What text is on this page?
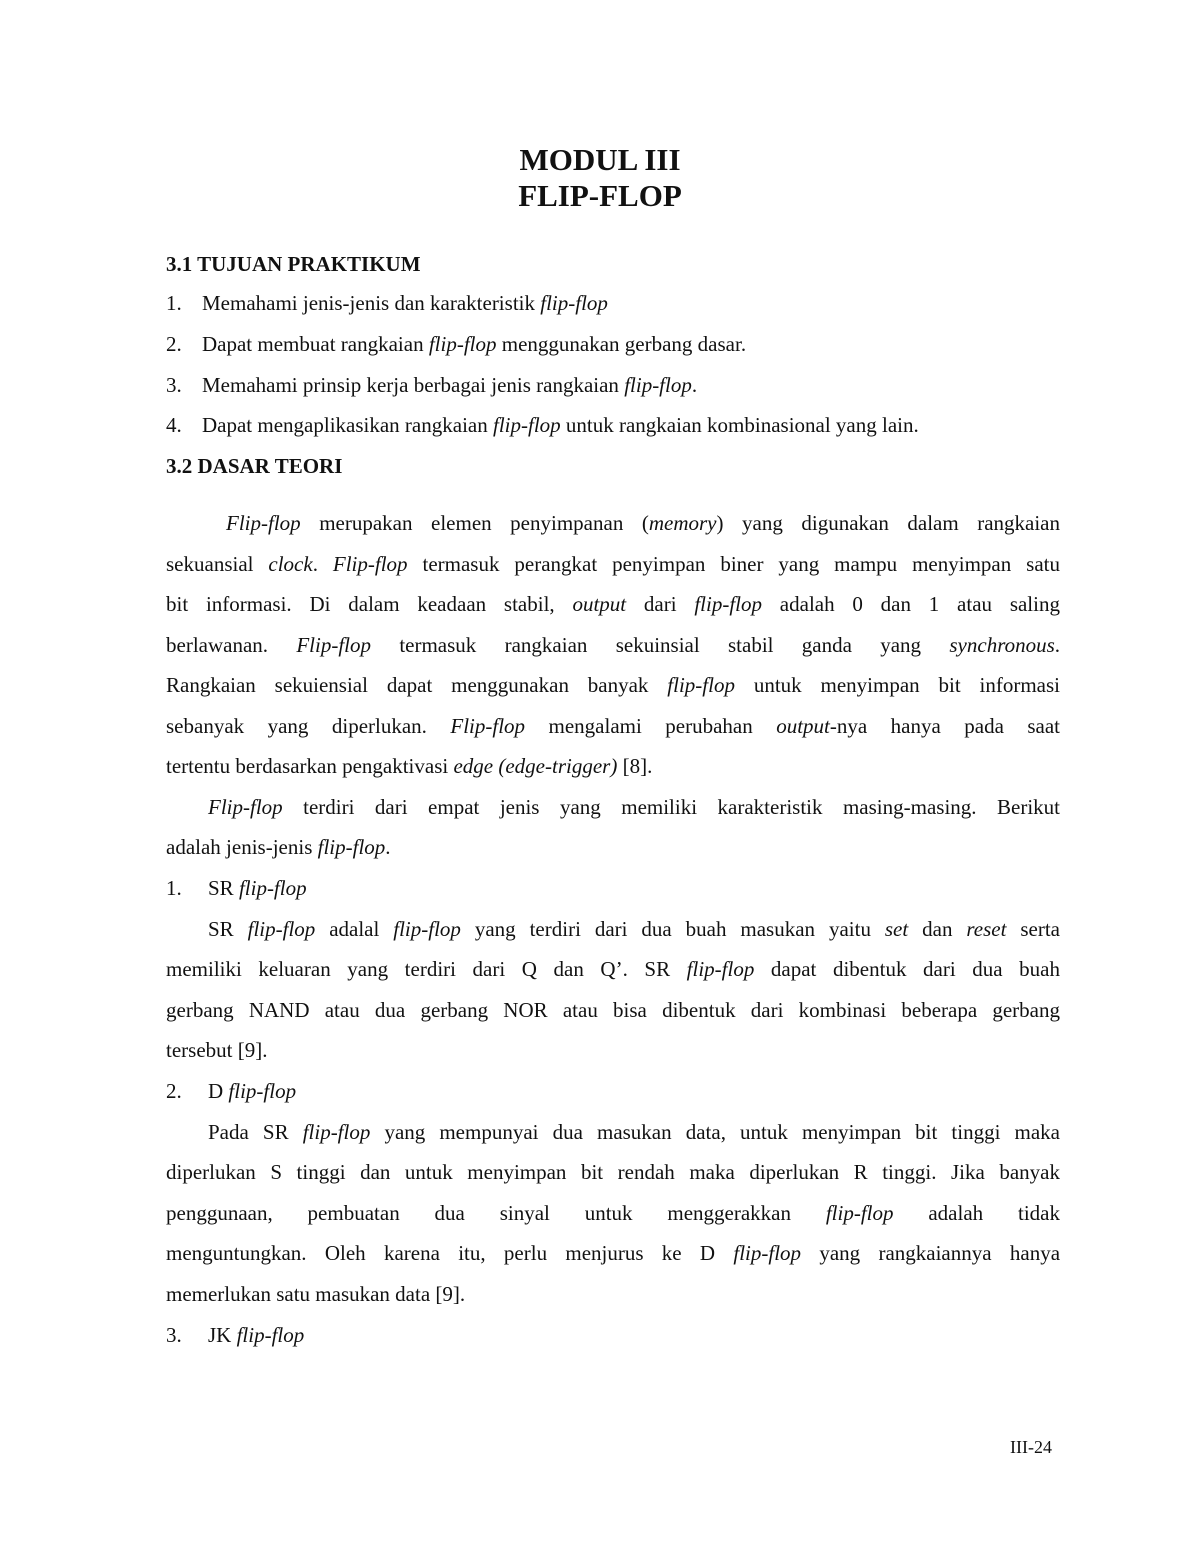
MODUL III
FLIP-FLOP
3.1 TUJUAN PRAKTIKUM
1. Memahami jenis-jenis dan karakteristik flip-flop
2. Dapat membuat rangkaian flip-flop menggunakan gerbang dasar.
3. Memahami prinsip kerja berbagai jenis rangkaian flip-flop.
4. Dapat mengaplikasikan rangkaian flip-flop untuk rangkaian kombinasional yang lain.
3.2 DASAR TEORI
Flip-flop merupakan elemen penyimpanan (memory) yang digunakan dalam rangkaian
sekuansial clock. Flip-flop termasuk perangkat penyimpan biner yang mampu menyimpan satu
bit informasi. Di dalam keadaan stabil, output dari flip-flop adalah 0 dan 1 atau saling
berlawanan. Flip-flop termasuk rangkaian sekuinsial stabil ganda yang synchronous.
Rangkaian sekuiensial dapat menggunakan banyak flip-flop untuk menyimpan bit informasi
sebanyak yang diperlukan. Flip-flop mengalami perubahan output-nya hanya pada saat
tertentu berdasarkan pengaktivasi edge (edge-trigger) [8].
Flip-flop terdiri dari empat jenis yang memiliki karakteristik masing-masing. Berikut
adalah jenis-jenis flip-flop.
1. SR flip-flop
SR flip-flop adalal flip-flop yang terdiri dari dua buah masukan yaitu set dan reset serta
memiliki keluaran yang terdiri dari Q dan Q’. SR flip-flop dapat dibentuk dari dua buah
gerbang NAND atau dua gerbang NOR atau bisa dibentuk dari kombinasi beberapa gerbang
tersebut [9].
2. D flip-flop
Pada SR flip-flop yang mempunyai dua masukan data, untuk menyimpan bit tinggi maka
diperlukan S tinggi dan untuk menyimpan bit rendah maka diperlukan R tinggi. Jika banyak
penggunaan, pembuatan dua sinyal untuk menggerakkan flip-flop adalah tidak
menguntungkan. Oleh karena itu, perlu menjurus ke D flip-flop yang rangkaiannya hanya
memerlukan satu masukan data [9].
3. JK flip-flop
III-24
